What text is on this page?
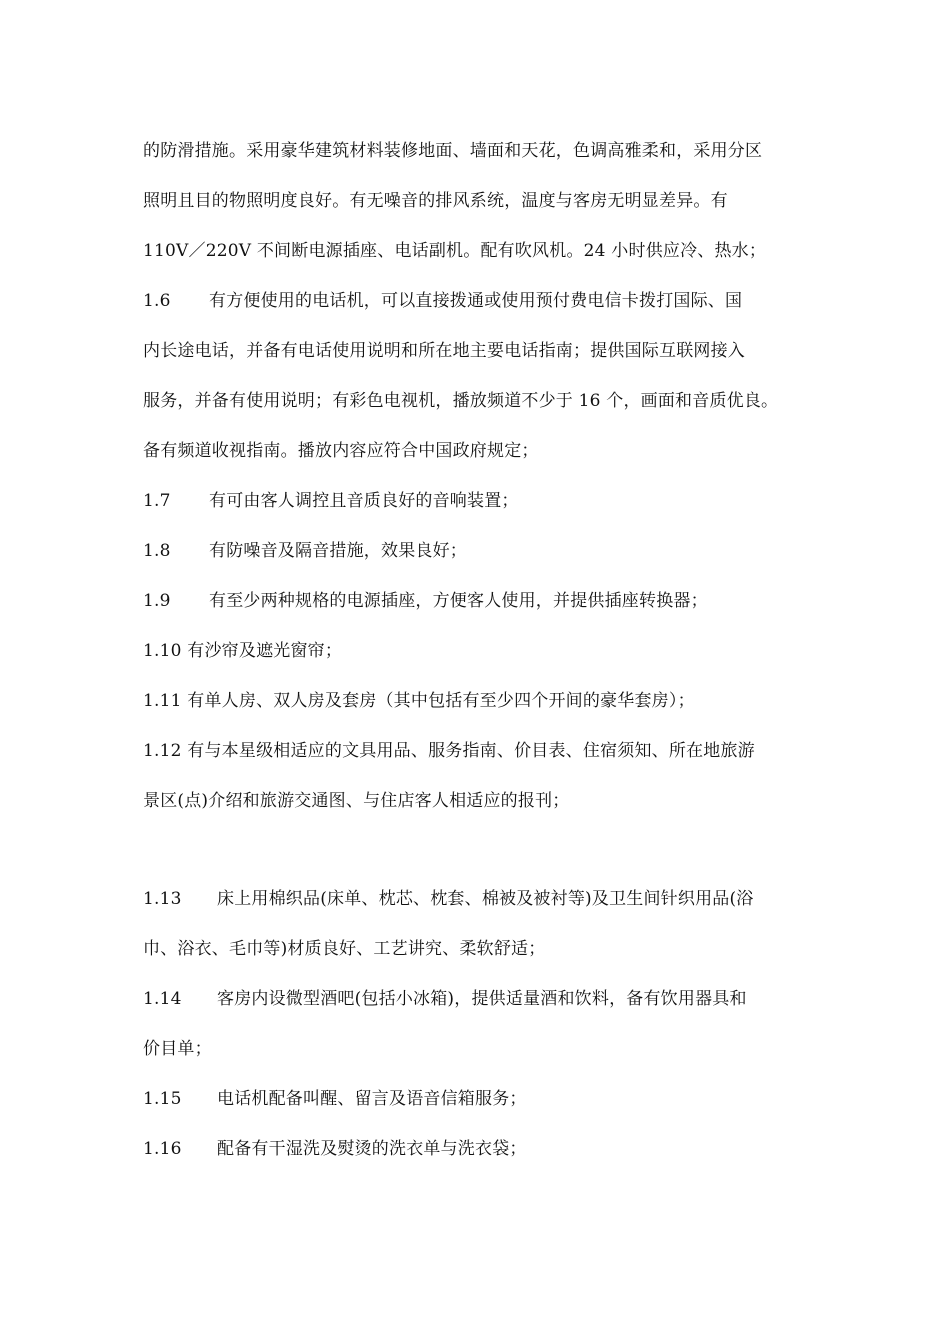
的防滑措施。采用豪华建筑材料装修地面、墙面和天花，色调高雅柔和，采用分区
照明且目的物照明度良好。有无噪音的排风系统，温度与客房无明显差异。有
110V／220V 不间断电源插座、电话副机。配有吹风机。24 小时供应冷、热水；
1.6 有方便使用的电话机，可以直接拨通或使用预付费电信卡拨打国际、国
内长途电话，并备有电话使用说明和所在地主要电话指南；提供国际互联网接入
服务，并备有使用说明；有彩色电视机，播放频道不少于 16 个，画面和音质优良。
备有频道收视指南。播放内容应符合中国政府规定；
1.7 有可由客人调控且音质良好的音响装置；
1.8 有防噪音及隔音措施，效果良好；
1.9 有至少两种规格的电源插座，方便客人使用，并提供插座转换器；
1.10 有沙帘及遮光窗帘；
1.11 有单人房、双人房及套房（其中包括有至少四个开间的豪华套房）；
1.12 有与本星级相适应的文具用品、服务指南、价目表、住宿须知、所在地旅游
景区(点)介绍和旅游交通图、与住店客人相适应的报刊；
1.13 床上用棉织品(床单、枕芯、枕套、棉被及被衬等)及卫生间针织用品(浴
巾、浴衣、毛巾等)材质良好、工艺讲究、柔软舒适；
1.14 客房内设微型酒吧(包括小冰箱)，提供适量酒和饮料，备有饮用器具和
价目单；
1.15 电话机配备叫醒、留言及语音信箱服务；
1.16 配备有干湿洗及熨烫的洗衣单与洗衣袋；
